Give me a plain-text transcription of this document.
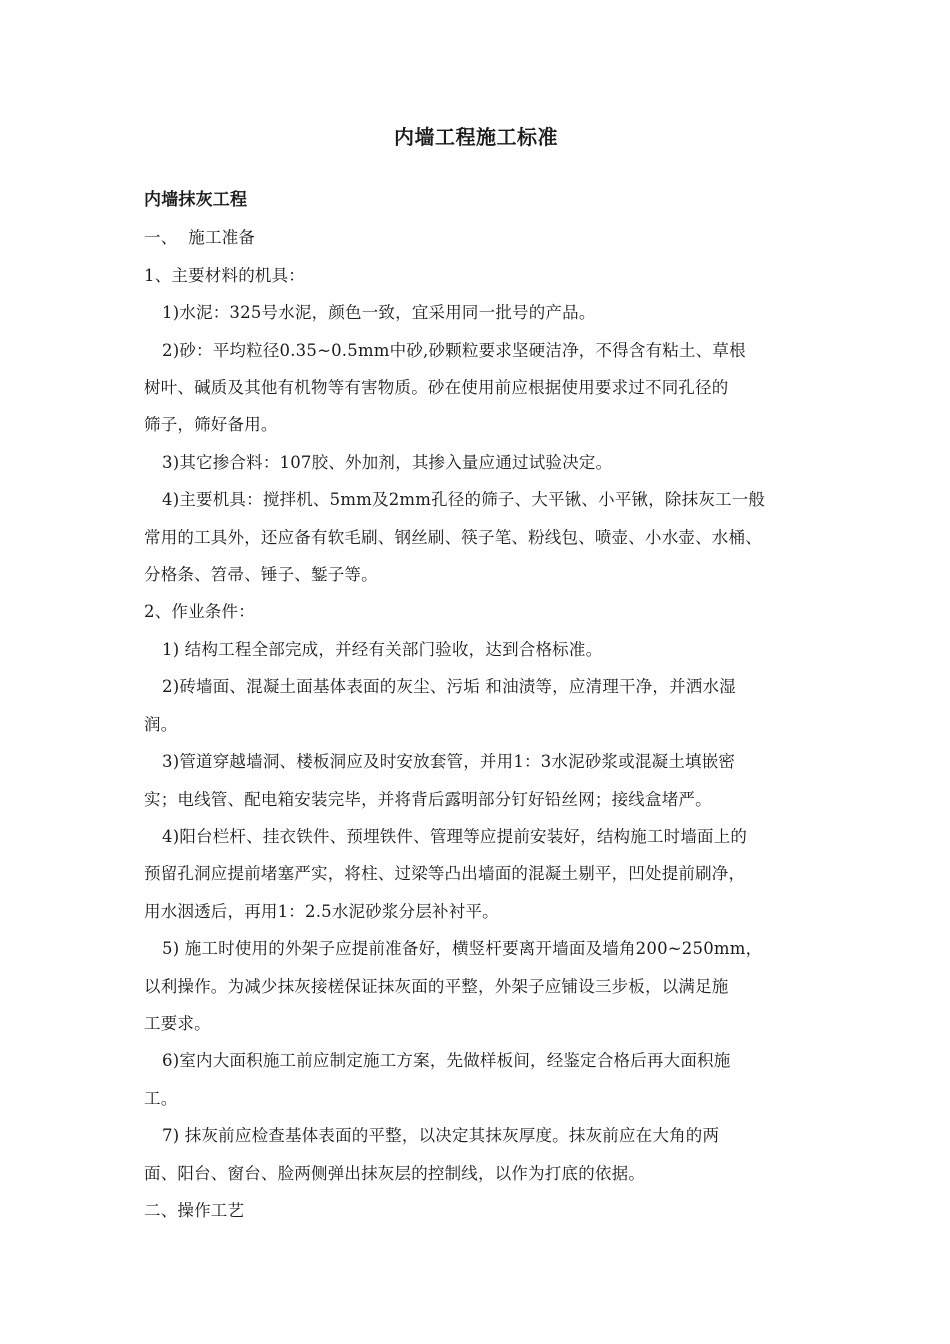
内墙工程施工标准
内墙抹灰工程
一、  施工准备
1、主要材料的机具：
1)水泥：325号水泥，颜色一致，宜采用同一批号的产品。
2)砂：平均粒径0.35~0.5mm中砂,砂颗粒要求坚硬洁净，不得含有粘土、草根
树叶、碱质及其他有机物等有害物质。砂在使用前应根据使用要求过不同孔径的
筛子，筛好备用。
3)其它掺合料：107胶、外加剂，其掺入量应通过试验决定。
4)主要机具：搅拌机、5mm及2mm孔径的筛子、大平锹、小平锹，除抹灰工一般
常用的工具外，还应备有软毛刷、钢丝刷、筷子笔、粉线包、喷壶、小水壶、水桶、
分格条、笤帚、锤子、錾子等。
2、作业条件：
1) 结构工程全部完成，并经有关部门验收，达到合格标准。
2)砖墙面、混凝土面基体表面的灰尘、污垢 和油渍等，应清理干净，并洒水湿
润。
3)管道穿越墙洞、楼板洞应及时安放套管，并用1：3水泥砂浆或混凝土填嵌密
实；电线管、配电箱安装完毕，并将背后露明部分钉好铅丝网；接线盒堵严。
4)阳台栏杆、挂衣铁件、预埋铁件、管理等应提前安装好，结构施工时墙面上的
预留孔洞应提前堵塞严实，将柱、过梁等凸出墙面的混凝土剔平，凹处提前刷净，
用水洇透后，再用1：2.5水泥砂浆分层补衬平。
5) 施工时使用的外架子应提前准备好，横竖杆要离开墙面及墙角200~250mm，
以利操作。为减少抹灰接槎保证抹灰面的平整，外架子应铺设三步板，以满足施
工要求。
6)室内大面积施工前应制定施工方案，先做样板间，经鉴定合格后再大面积施
工。
7) 抹灰前应检查基体表面的平整，以决定其抹灰厚度。抹灰前应在大角的两
面、阳台、窗台、脸两侧弹出抹灰层的控制线，以作为打底的依据。
二、操作工艺
